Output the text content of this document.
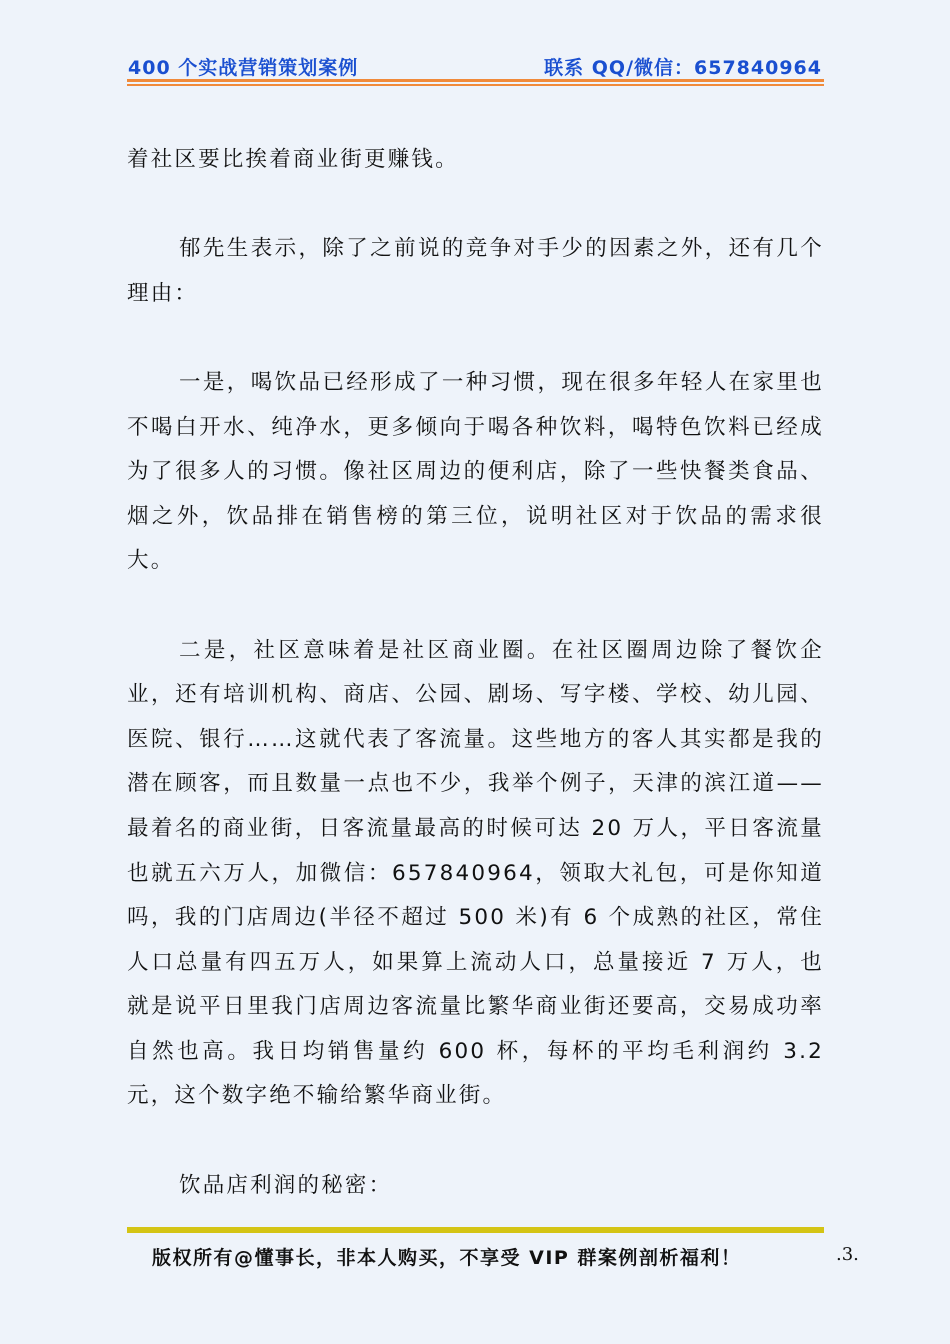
400 个实战营销策划案例	联系 QQ/微信：657840964

着社区要比挨着商业街更赚钱。

郁先生表示，除了之前说的竞争对手少的因素之外，还有几个理由：

一是，喝饮品已经形成了一种习惯，现在很多年轻人在家里也不喝白开水、纯净水，更多倾向于喝各种饮料，喝特色饮料已经成为了很多人的习惯。像社区周边的便利店，除了一些快餐类食品、烟之外，饮品排在销售榜的第三位，说明社区对于饮品的需求很大。

二是，社区意味着是社区商业圈。在社区圈周边除了餐饮企业，还有培训机构、商店、公园、剧场、写字楼、学校、幼儿园、医院、银行……这就代表了客流量。这些地方的客人其实都是我的潜在顾客，而且数量一点也不少，我举个例子，天津的滨江道——最着名的商业街，日客流量最高的时候可达 20 万人，平日客流量也就五六万人，加微信：657840964，领取大礼包，可是你知道吗，我的门店周边(半径不超过 500 米)有 6 个成熟的社区，常住人口总量有四五万人，如果算上流动人口，总量接近 7 万人，也就是说平日里我门店周边客流量比繁华商业街还要高，交易成功率自然也高。我日均销售量约 600 杯，每杯的平均毛利润约 3.2 元，这个数字绝不输给繁华商业街。

饮品店利润的秘密：

版权所有@懂事长，非本人购买，不享受 VIP 群案例剖析福利！	.3.
